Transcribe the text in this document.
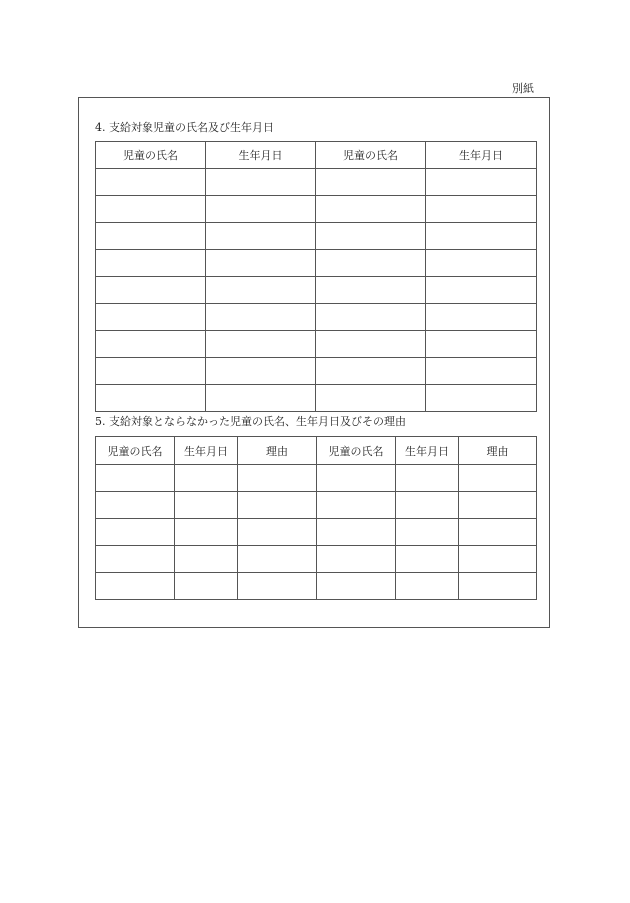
別紙
4. 支給対象児童の氏名及び生年月日
児童の氏名	生年月日	児童の氏名	生年月日

5. 支給対象とならなかった児童の氏名、生年月日及びその理由
児童の氏名	生年月日	理由	児童の氏名	生年月日	理由
